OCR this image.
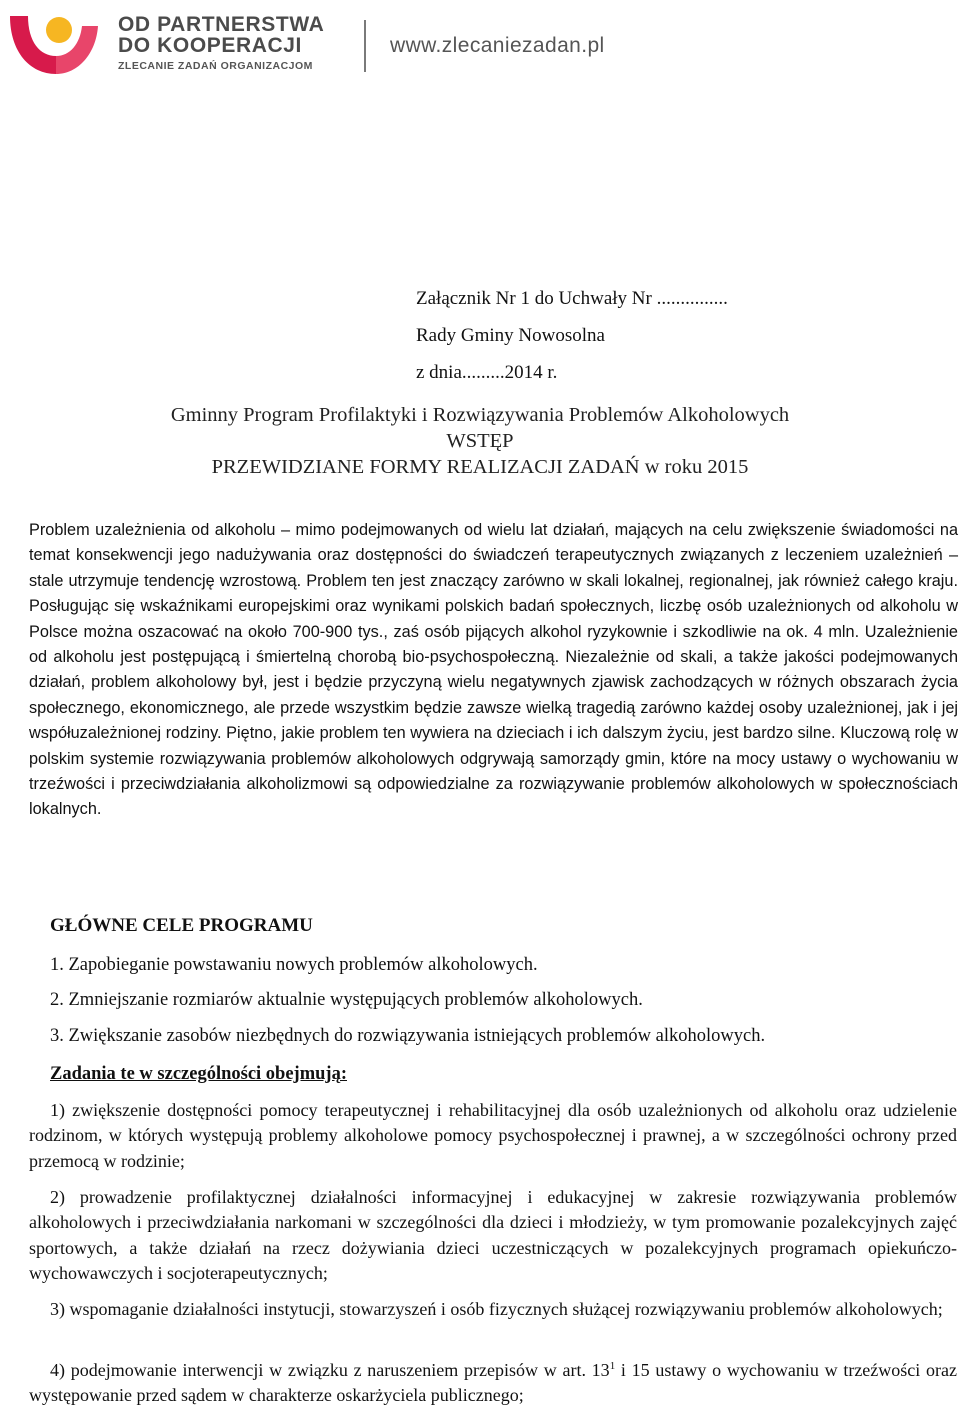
OD PARTNERSTWA
DO KOOPERACJI
ZLECANIE ZADAŃ ORGANIZACJOM
www.zlecaniezadan.pl
Załącznik Nr 1 do Uchwały Nr ...............
Rady Gminy Nowosolna
z dnia.........2014 r.
Gminny Program Profilaktyki i Rozwiązywania Problemów Alkoholowych
WSTĘP
PRZEWIDZIANE FORMY REALIZACJI ZADAŃ w roku 2015

Problem uzależnienia od alkoholu – mimo podejmowanych od wielu lat działań, mających na celu zwiększenie świadomości na temat konsekwencji jego nadużywania oraz dostępności do świadczeń terapeutycznych związanych z leczeniem uzależnień – stale utrzymuje tendencję wzrostową. Problem ten jest znaczący zarówno w skali lokalnej, regionalnej, jak również całego kraju. Posługując się wskaźnikami europejskimi oraz wynikami polskich badań społecznych, liczbę osób uzależnionych od alkoholu w Polsce można oszacować na około 700-900 tys., zaś osób pijących alkohol ryzykownie i szkodliwie na ok. 4 mln. Uzależnienie od alkoholu jest postępującą i śmiertelną chorobą bio-psychospołeczną. Niezależnie od skali, a także jakości podejmowanych działań, problem alkoholowy był, jest i będzie przyczyną wielu negatywnych zjawisk zachodzących w różnych obszarach życia społecznego, ekonomicznego, ale przede wszystkim będzie zawsze wielką tragedią zarówno każdej osoby uzależnionej, jak i jej współuzależnionej rodziny. Piętno, jakie problem ten wywiera na dzieciach i ich dalszym życiu, jest bardzo silne. Kluczową rolę w polskim systemie rozwiązywania problemów alkoholowych odgrywają samorządy gmin, które na mocy ustawy o wychowaniu w trzeźwości i przeciwdziałania alkoholizmowi są odpowiedzialne za rozwiązywanie problemów alkoholowych w społecznościach lokalnych.

GŁÓWNE CELE PROGRAMU
1. Zapobieganie powstawaniu nowych problemów alkoholowych.
2. Zmniejszanie rozmiarów aktualnie występujących problemów alkoholowych.
3. Zwiększanie zasobów niezbędnych do rozwiązywania istniejących problemów alkoholowych.
Zadania te w szczególności obejmują:

1) zwiększenie dostępności pomocy terapeutycznej i rehabilitacyjnej dla osób uzależnionych od alkoholu oraz udzielenie rodzinom, w których występują problemy alkoholowe pomocy psychospołecznej i prawnej, a w szczególności ochrony przed przemocą w rodzinie;

2) prowadzenie profilaktycznej działalności informacyjnej i edukacyjnej w zakresie rozwiązywania problemów alkoholowych i przeciwdziałania narkomani w szczególności dla dzieci i młodzieży, w tym promowanie pozalekcyjnych zajęć sportowych, a także działań na rzecz dożywiania dzieci uczestniczących w pozalekcyjnych programach opiekuńczo- wychowawczych i socjoterapeutycznych;

3) wspomaganie działalności instytucji, stowarzyszeń i osób fizycznych służącej rozwiązywaniu problemów alkoholowych;

4) podejmowanie interwencji w związku z naruszeniem przepisów w art. $13^1$ i 15 ustawy o wychowaniu w trzeźwości oraz występowanie przed sądem w charakterze oskarżyciela publicznego;
